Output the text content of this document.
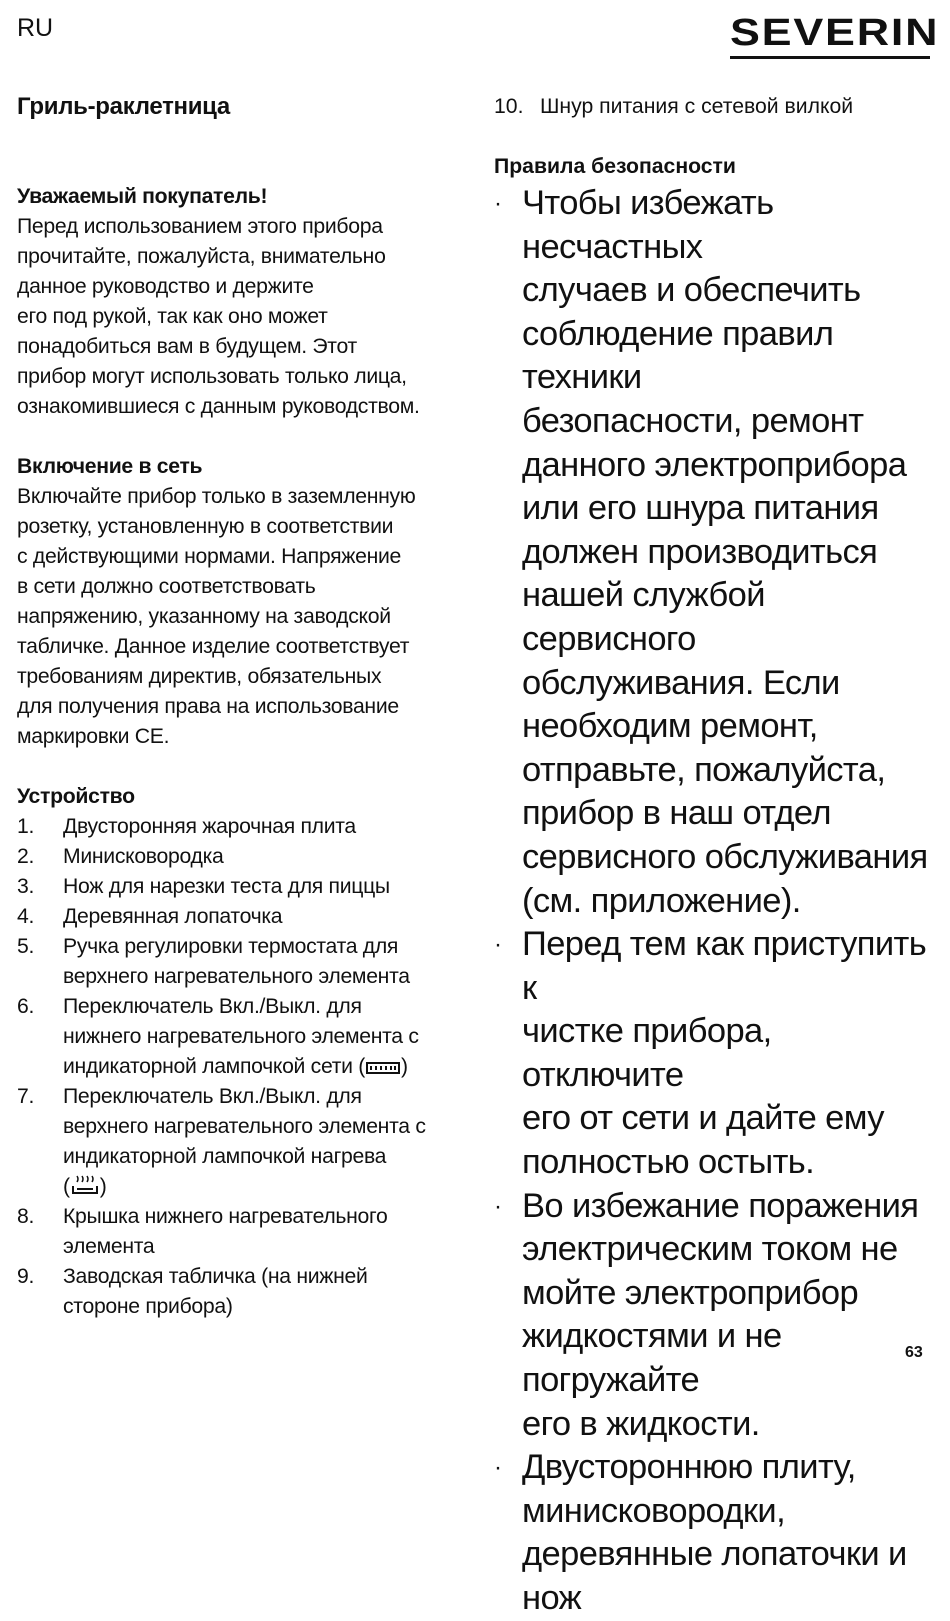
RU	SEVERIN
Гриль-раклетница
Уважаемый покупатель!

Перед использованием этого прибора
прочитайте, пожалуйста, внимательно
данное руководство и держите
его под рукой, так как оно может
понадобиться вам в будущем. Этот
прибор могут использовать только лица,
ознакомившиеся с данным руководством.

Включение в сеть

Включайте прибор только в заземленную
розетку, установленную в соответствии
с действующими нормами. Напряжение
в сети должно соответствовать
напряжению, указанному на заводской
табличке. Данное изделие соответствует
требованиям директив, обязательных
для получения права на использование
маркировки CE.

Устройство
1.	Двусторонняя жарочная плита
2.	Минисковородка
3.	Нож для нарезки теста для пиццы
4.	Деревянная лопаточка
5.	Ручка регулировки термостата для
верхнего нагревательного элемента
6.	Переключатель Вкл./Выкл. для
нижнего нагревательного элемента с
индикаторной лампочкой сети ( )
7.	Переключатель Вкл./Выкл. для
верхнего нагревательного элемента с
индикаторной лампочкой нагрева
( )
8.	Крышка нижнего нагревательного
элемента
9.	Заводская табличка (на нижней
стороне прибора)
10. Шнур питания с сетевой вилкой
Правила безопасности
· Чтобы избежать несчастных
случаев и обеспечить
соблюдение правил техники
безопасности, ремонт
данного электроприбора
или его шнура питания
должен производиться
нашей службой сервисного
обслуживания. Если
необходим ремонт,
отправьте, пожалуйста,
прибор в наш отдел
сервисного обслуживания
(см. приложение).
· Перед тем как приступить к
чистке прибора, отключите
его от сети и дайте ему
полностью остыть.
· Во избежание поражения
электрическим током не
мойте электроприбор
жидкостями и не погружайте
его в жидкости.
· Двустороннюю плиту,
минисковородки,
деревянные лопаточки и нож
63
